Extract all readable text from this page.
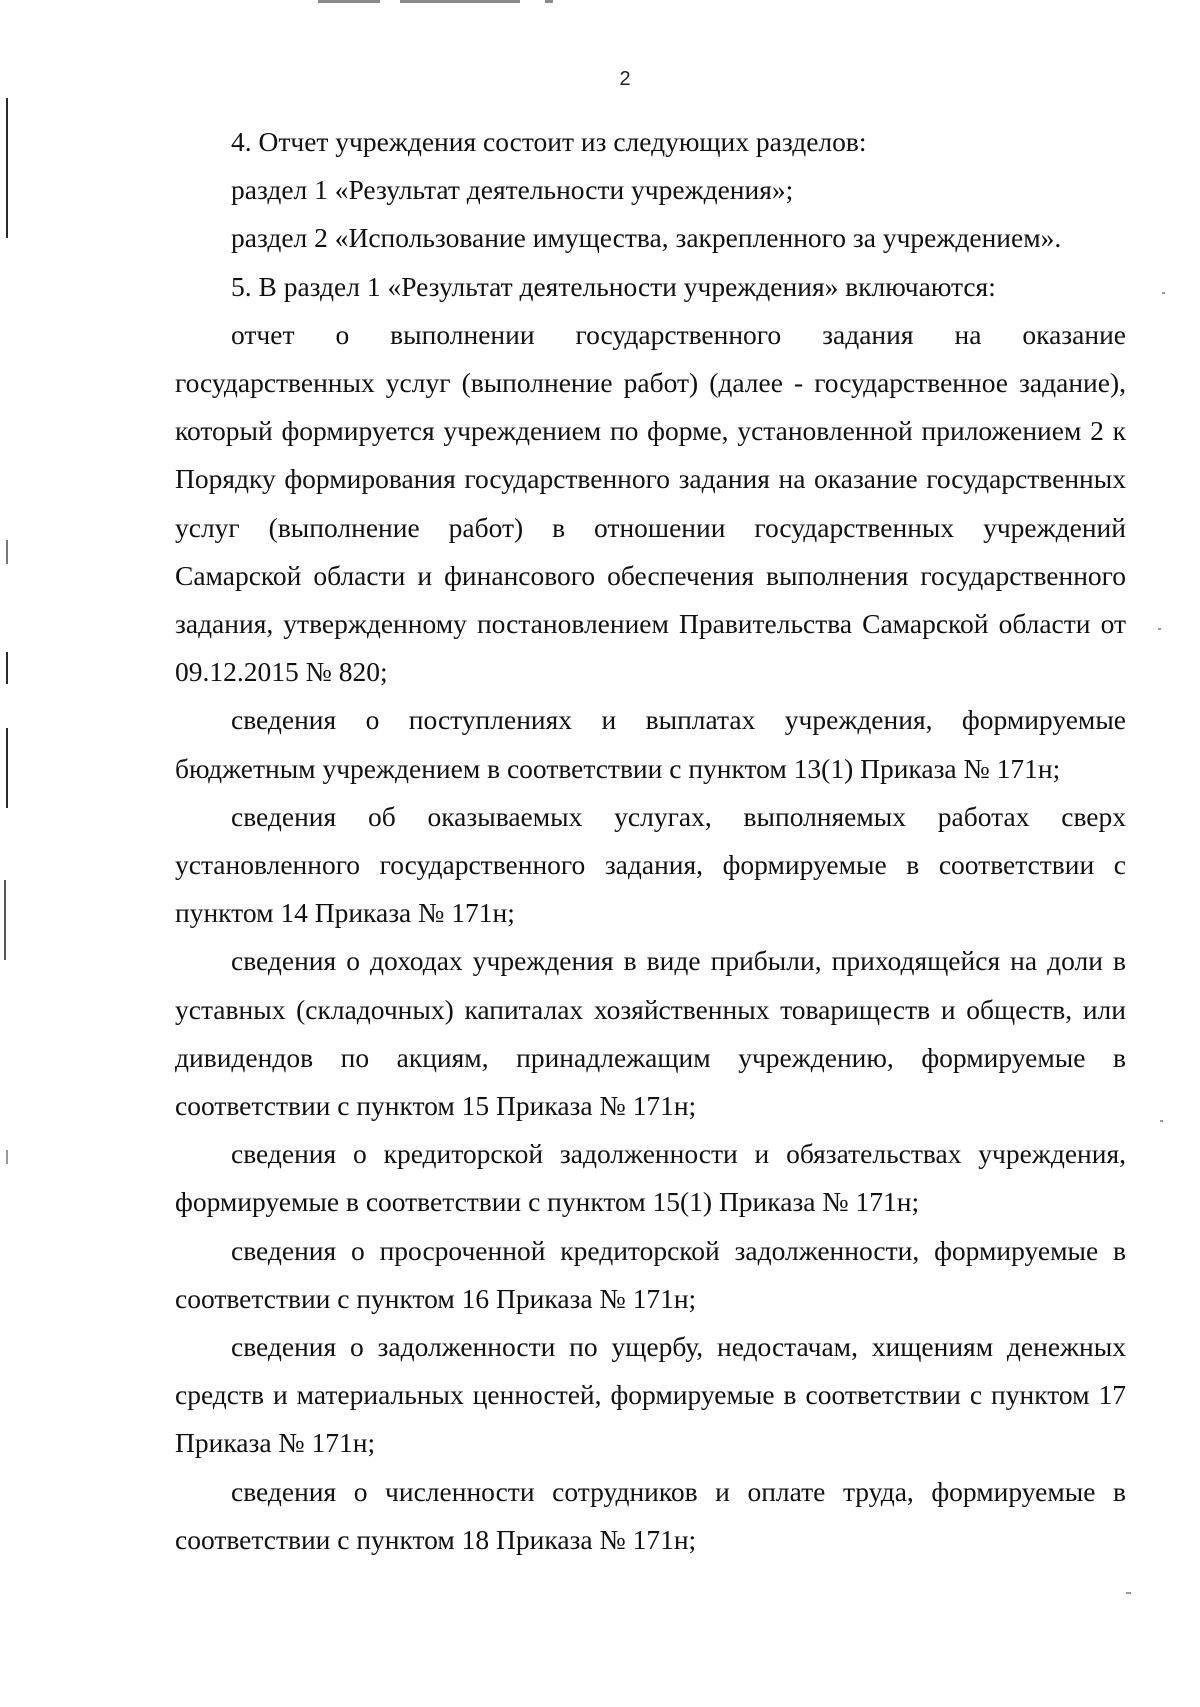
2

4. Отчет учреждения состоит из следующих разделов:

раздел 1 «Результат деятельности учреждения»;

раздел 2 «Использование имущества, закрепленного за учреждением».

5. В раздел 1 «Результат деятельности учреждения» включаются:

отчет о выполнении государственного задания на оказание государственных услуг (выполнение работ) (далее - государственное задание), который формируется учреждением по форме, установленной приложением 2 к Порядку формирования государственного задания на оказание государственных услуг (выполнение работ) в отношении государственных учреждений Самарской области и финансового обеспечения выполнения государственного задания, утвержденному постановлением Правительства Самарской области от 09.12.2015 № 820;

сведения о поступлениях и выплатах учреждения, формируемые бюджетным учреждением в соответствии с пунктом 13(1) Приказа № 171н;

сведения об оказываемых услугах, выполняемых работах сверх установленного государственного задания, формируемые в соответствии с пунктом 14 Приказа № 171н;

сведения о доходах учреждения в виде прибыли, приходящейся на доли в уставных (складочных) капиталах хозяйственных товариществ и обществ, или дивидендов по акциям, принадлежащим учреждению, формируемые в соответствии с пунктом 15 Приказа № 171н;

сведения о кредиторской задолженности и обязательствах учреждения, формируемые в соответствии с пунктом 15(1) Приказа № 171н;

сведения о просроченной кредиторской задолженности, формируемые в соответствии с пунктом 16 Приказа № 171н;

сведения о задолженности по ущербу, недостачам, хищениям денежных средств и материальных ценностей, формируемые в соответствии с пунктом 17 Приказа № 171н;

сведения о численности сотрудников и оплате труда, формируемые в соответствии с пунктом 18 Приказа № 171н;
